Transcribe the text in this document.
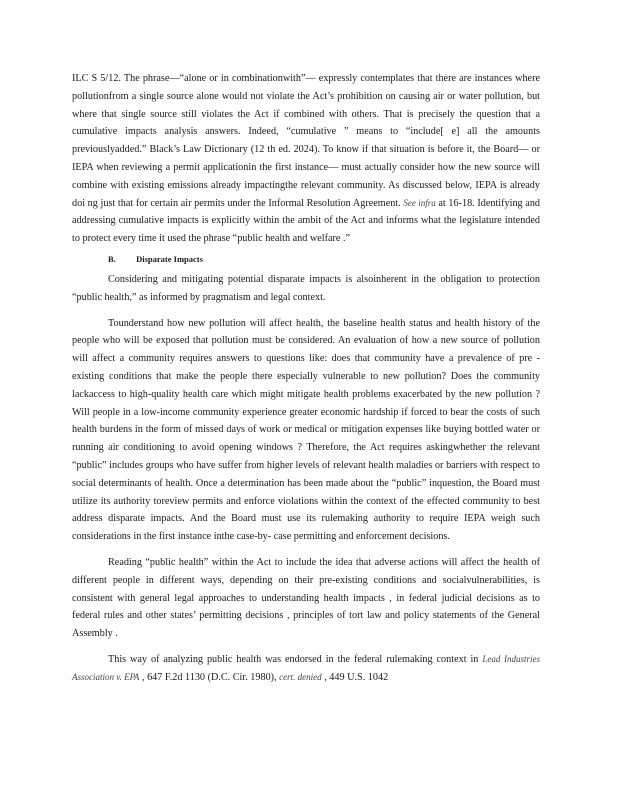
ILC S 5/12. The phrase—“alone or in combinationwith”— expressly contemplates that there are instances where pollutionfrom a single source alone would not violate the Act’s prohibition on causing air or water pollution, but where that single source still violates the Act if combined with others. That is precisely the question that a cumulative impacts analysis answers. Indeed, “cumulative ” means to “include[ e] all the amounts previouslyadded.” Black’s Law Dictionary (12 th ed. 2024). To know if that situation is before it, the Board— or IEPA when reviewing a permit applicationin the first instance— must actually consider how the new source will combine with existing emissions already impactingthe relevant community. As discussed below, IEPA is already doi ng just that for certain air permits under the Informal Resolution Agreement. See infra at 16-18. Identifying and addressing cumulative impacts is explicitly within the ambit of the Act and informs what the legislature intended to protect every time it used the phrase “public health and welfare .”

B. Disparate Impacts

Considering and mitigating potential disparate impacts is alsoinherent in the obligation to protection “public health,” as informed by pragmatism and legal context.

Tounderstand how new pollution will affect health, the baseline health status and health history of the people who will be exposed that pollution must be considered. An evaluation of how a new source of pollution will affect a community requires answers to questions like: does that community have a prevalence of pre -existing conditions that make the people there especially vulnerable to new pollution? Does the community lackaccess to high-quality health care which might mitigate health problems exacerbated by the new pollution ? Will people in a low-income community experience greater economic hardship if forced to bear the costs of such health burdens in the form of missed days of work or medical or mitigation expenses like buying bottled water or running air conditioning to avoid opening windows ? Therefore, the Act requires askingwhether the relevant “public” includes groups who have suffer from higher levels of relevant health maladies or barriers with respect to social determinants of health. Once a determination has been made about the “public” inquestion, the Board must utilize its authority toreview permits and enforce violations within the context of the effected community to best address disparate impacts. And the Board must use its rulemaking authority to require IEPA weigh such considerations in the first instance inthe case-by- case permitting and enforcement decisions.

Reading “public health” within the Act to include the idea that adverse actions will affect the health of different people in different ways, depending on their pre-existing conditions and socialvulnerabilities, is consistent with general legal approaches to understanding health impacts , in federal judicial decisions as to federal rules and other states’ permitting decisions , principles of tort law and policy statements of the General Assembly .

This way of analyzing public health was endorsed in the federal rulemaking context in Lead Industries Association v. EPA , 647 F.2d 1130 (D.C. Cir. 1980), cert. denied , 449 U.S. 1042
